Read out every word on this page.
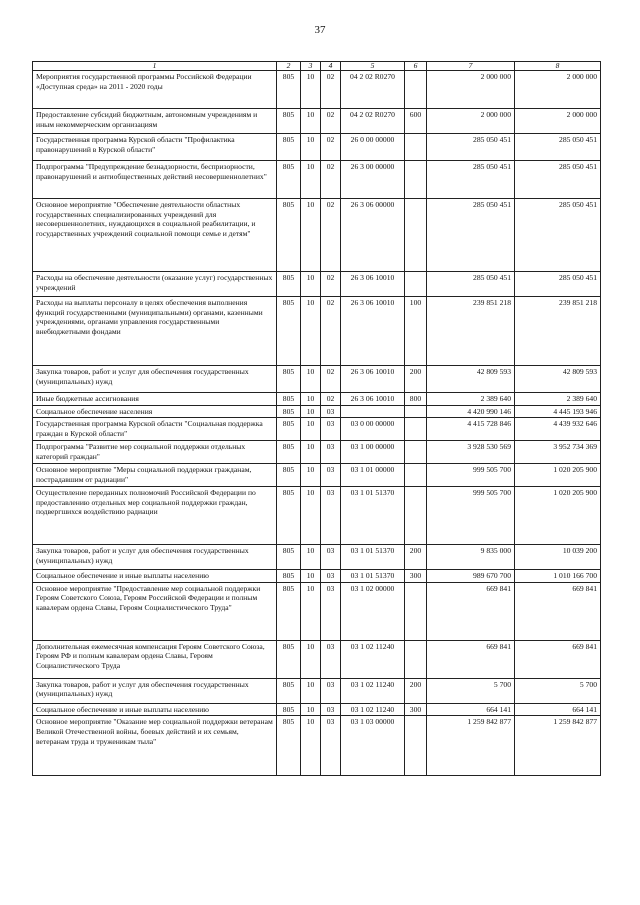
37
1	2	3	4	5	6	7	8
Мероприятия государственной программы Российской Федерации «Доступная среда» на 2011 - 2020 годы	805	10	02	04 2 02 R0270		2 000 000	2 000 000
Предоставление субсидий бюджетным, автономным учреждениям и иным некоммерческим организациям	805	10	02	04 2 02 R0270	600	2 000 000	2 000 000
Государственная программа Курской области "Профилактика правонарушений в Курской области"	805	10	02	26 0 00 00000		285 050 451	285 050 451
Подпрограмма "Предупреждение безнадзорности, беспризорности, правонарушений и антиобщественных действий несовершеннолетних"	805	10	02	26 3 00 00000		285 050 451	285 050 451
Основное мероприятие "Обеспечение деятельности областных государственных специализированных учреждений для несовершеннолетних, нуждающихся в социальной реабилитации, и государственных учреждений социальной помощи семье и детям"	805	10	02	26 3 06 00000		285 050 451	285 050 451
Расходы на обеспечение деятельности (оказание услуг) государственных учреждений	805	10	02	26 3 06 10010		285 050 451	285 050 451
Расходы на выплаты персоналу в целях обеспечения выполнения функций государственными (муниципальными) органами, казенными учреждениями, органами управления государственными внебюджетными фондами	805	10	02	26 3 06 10010	100	239 851 218	239 851 218
Закупка товаров, работ и услуг для обеспечения государственных (муниципальных) нужд	805	10	02	26 3 06 10010	200	42 809 593	42 809 593
Иные бюджетные ассигнования	805	10	02	26 3 06 10010	800	2 389 640	2 389 640
Социальное обеспечение населения	805	10	03			4 420 990 146	4 445 193 946
Государственная программа Курской области "Социальная поддержка граждан в Курской области"	805	10	03	03 0 00 00000		4 415 728 846	4 439 932 646
Подпрограмма "Развитие мер социальной поддержки отдельных категорий граждан"	805	10	03	03 1 00 00000		3 928 530 569	3 952 734 369
Основное мероприятие "Меры социальной поддержки гражданам, пострадавшим от радиации"	805	10	03	03 1 01 00000		999 505 700	1 020 205 900
Осуществление переданных полномочий Российской Федерации по предоставлению отдельных мер социальной поддержки граждан, подвергшихся воздействию радиации	805	10	03	03 1 01 51370		999 505 700	1 020 205 900
Закупка товаров, работ и услуг для обеспечения государственных (муниципальных) нужд	805	10	03	03 1 01 51370	200	9 835 000	10 039 200
Социальное обеспечение и иные выплаты населению	805	10	03	03 1 01 51370	300	989 670 700	1 010 166 700
Основное мероприятие "Предоставление мер социальной поддержки Героям Советского Союза, Героям Российской Федерации и полным кавалерам ордена Славы, Героям Социалистического Труда"	805	10	03	03 1 02 00000		669 841	669 841
Дополнительная ежемесячная компенсация Героям Советского Союза, Героям РФ и полным кавалерам ордена Славы, Героям Социалистического Труда	805	10	03	03 1 02 11240		669 841	669 841
Закупка товаров, работ и услуг для обеспечения государственных (муниципальных) нужд	805	10	03	03 1 02 11240	200	5 700	5 700
Социальное обеспечение и иные выплаты населению	805	10	03	03 1 02 11240	300	664 141	664 141
Основное мероприятие "Оказание мер социальной поддержки ветеранам Великой Отечественной войны, боевых действий и их семьям, ветеранам труда и труженикам тыла"	805	10	03	03 1 03 00000		1 259 842 877	1 259 842 877
